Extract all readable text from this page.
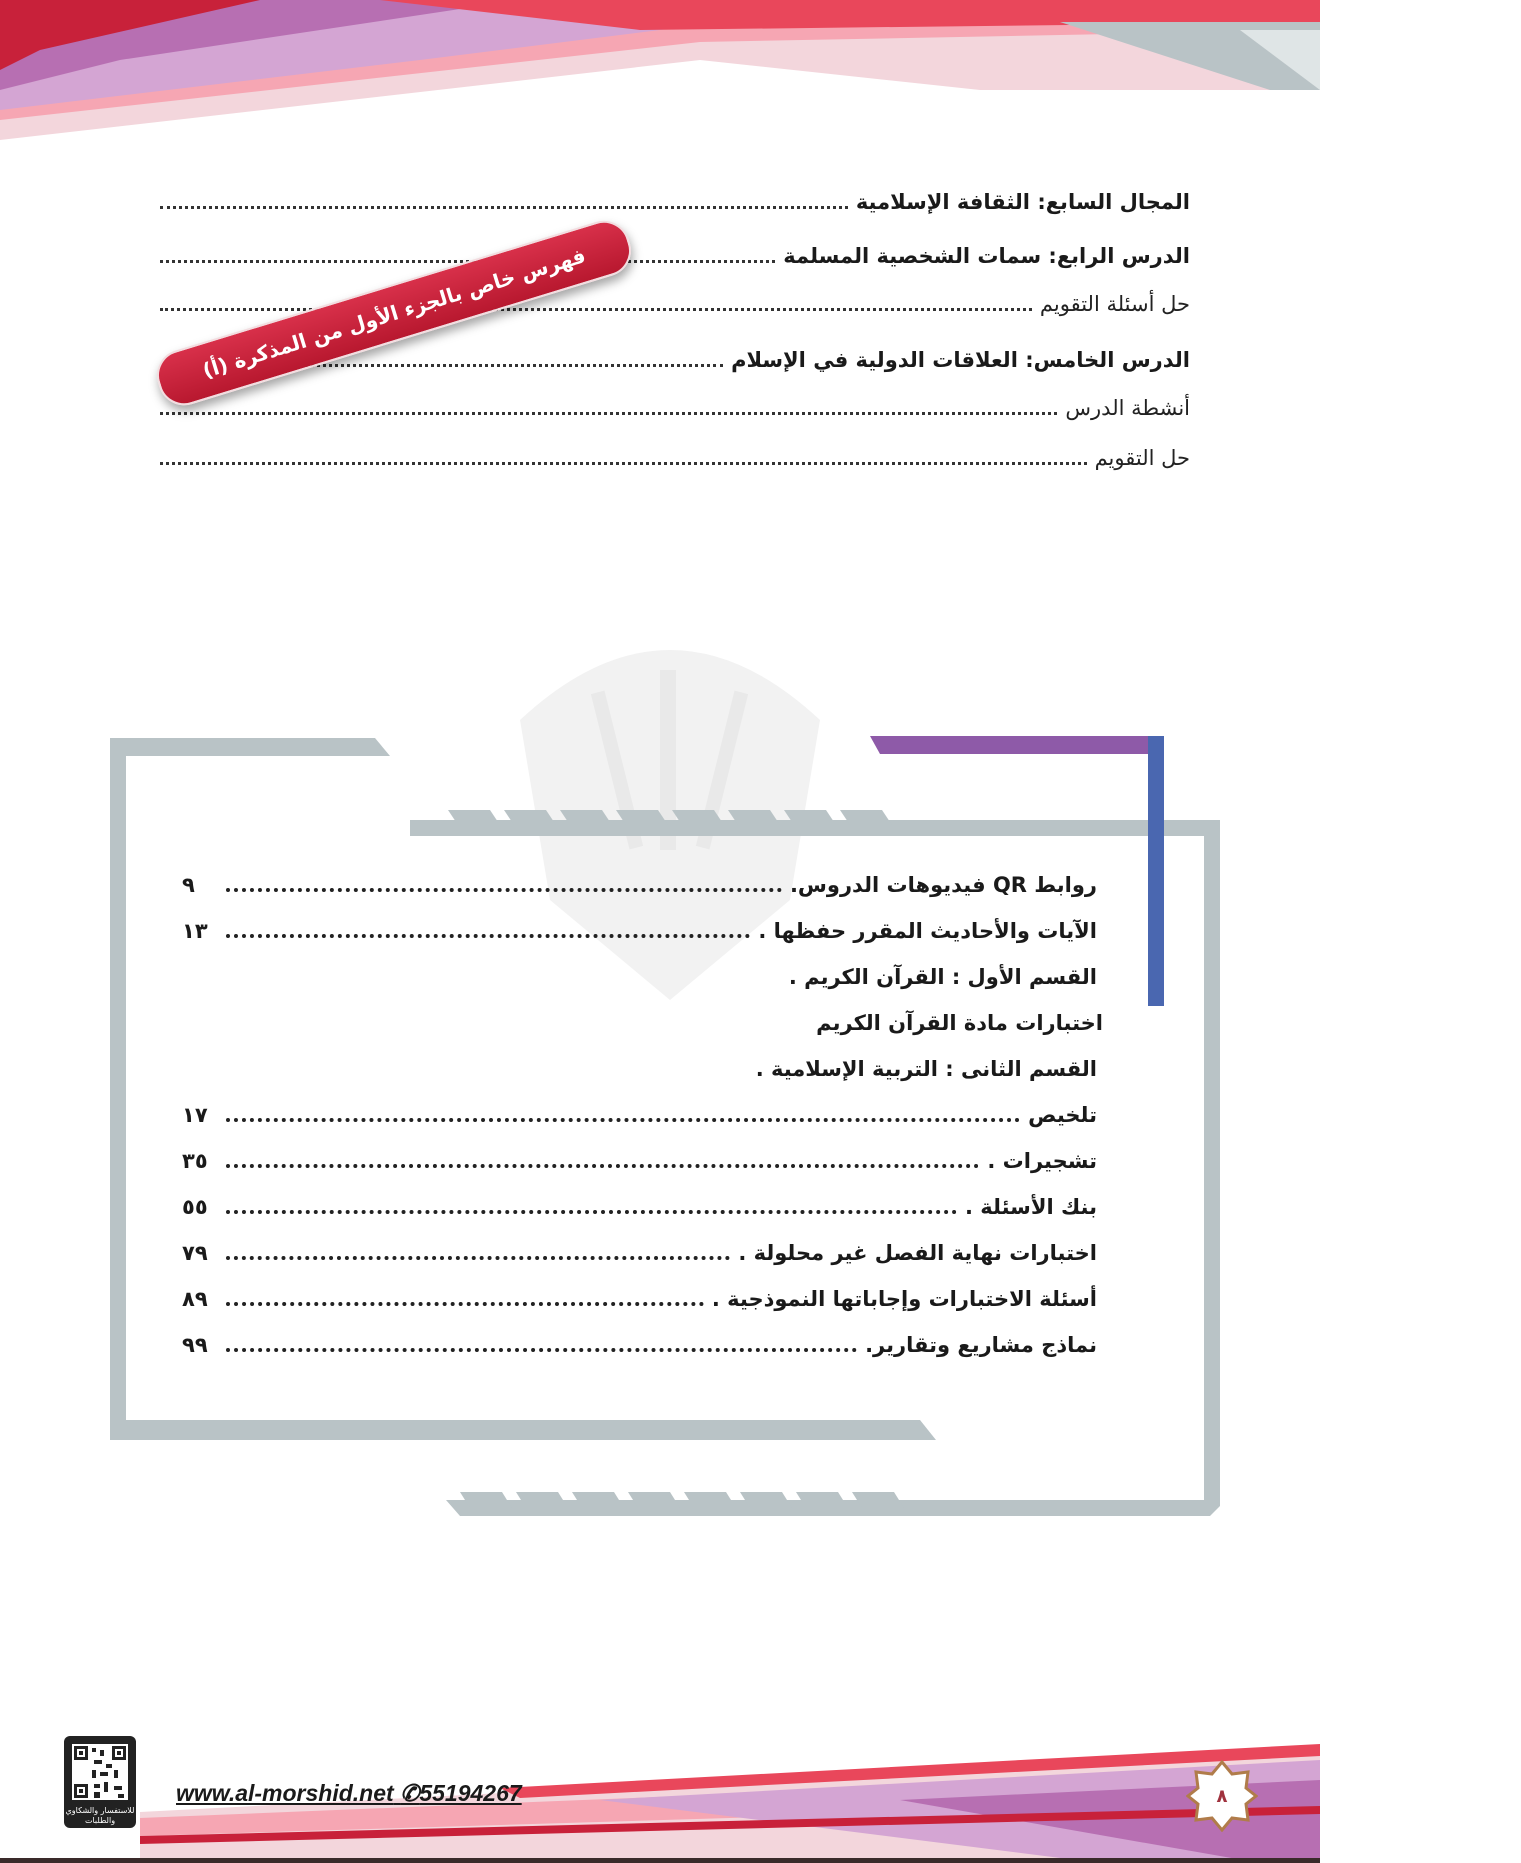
المجال السابع: الثقافة الإسلامية
الدرس الرابع: سمات الشخصية المسلمة
حل أسئلة التقويم
الدرس الخامس: العلاقات الدولية في الإسلام
أنشطة الدرس
حل التقويم
فهرس خاص بالجزء الأول من المذكرة (أ)
روابط QR فيديوهات الدروس.
٩
الآيات والأحاديث المقرر حفظها .
١٣
القسم الأول : القرآن الكريم .
اختبارات مادة القرآن الكريم
القسم الثانى : التربية الإسلامية .
تلخيص
١٧
تشجيرات .
٣٥
بنك الأسئلة .
٥٥
اختبارات نهاية الفصل غير محلولة .
٧٩
أسئلة الاختبارات وإجاباتها النموذجية .
٨٩
نماذج مشاريع وتقارير.
٩٩
٨
للاستفسار والشكاوي والطلبات
www.al-morshid.net ✆55194267
